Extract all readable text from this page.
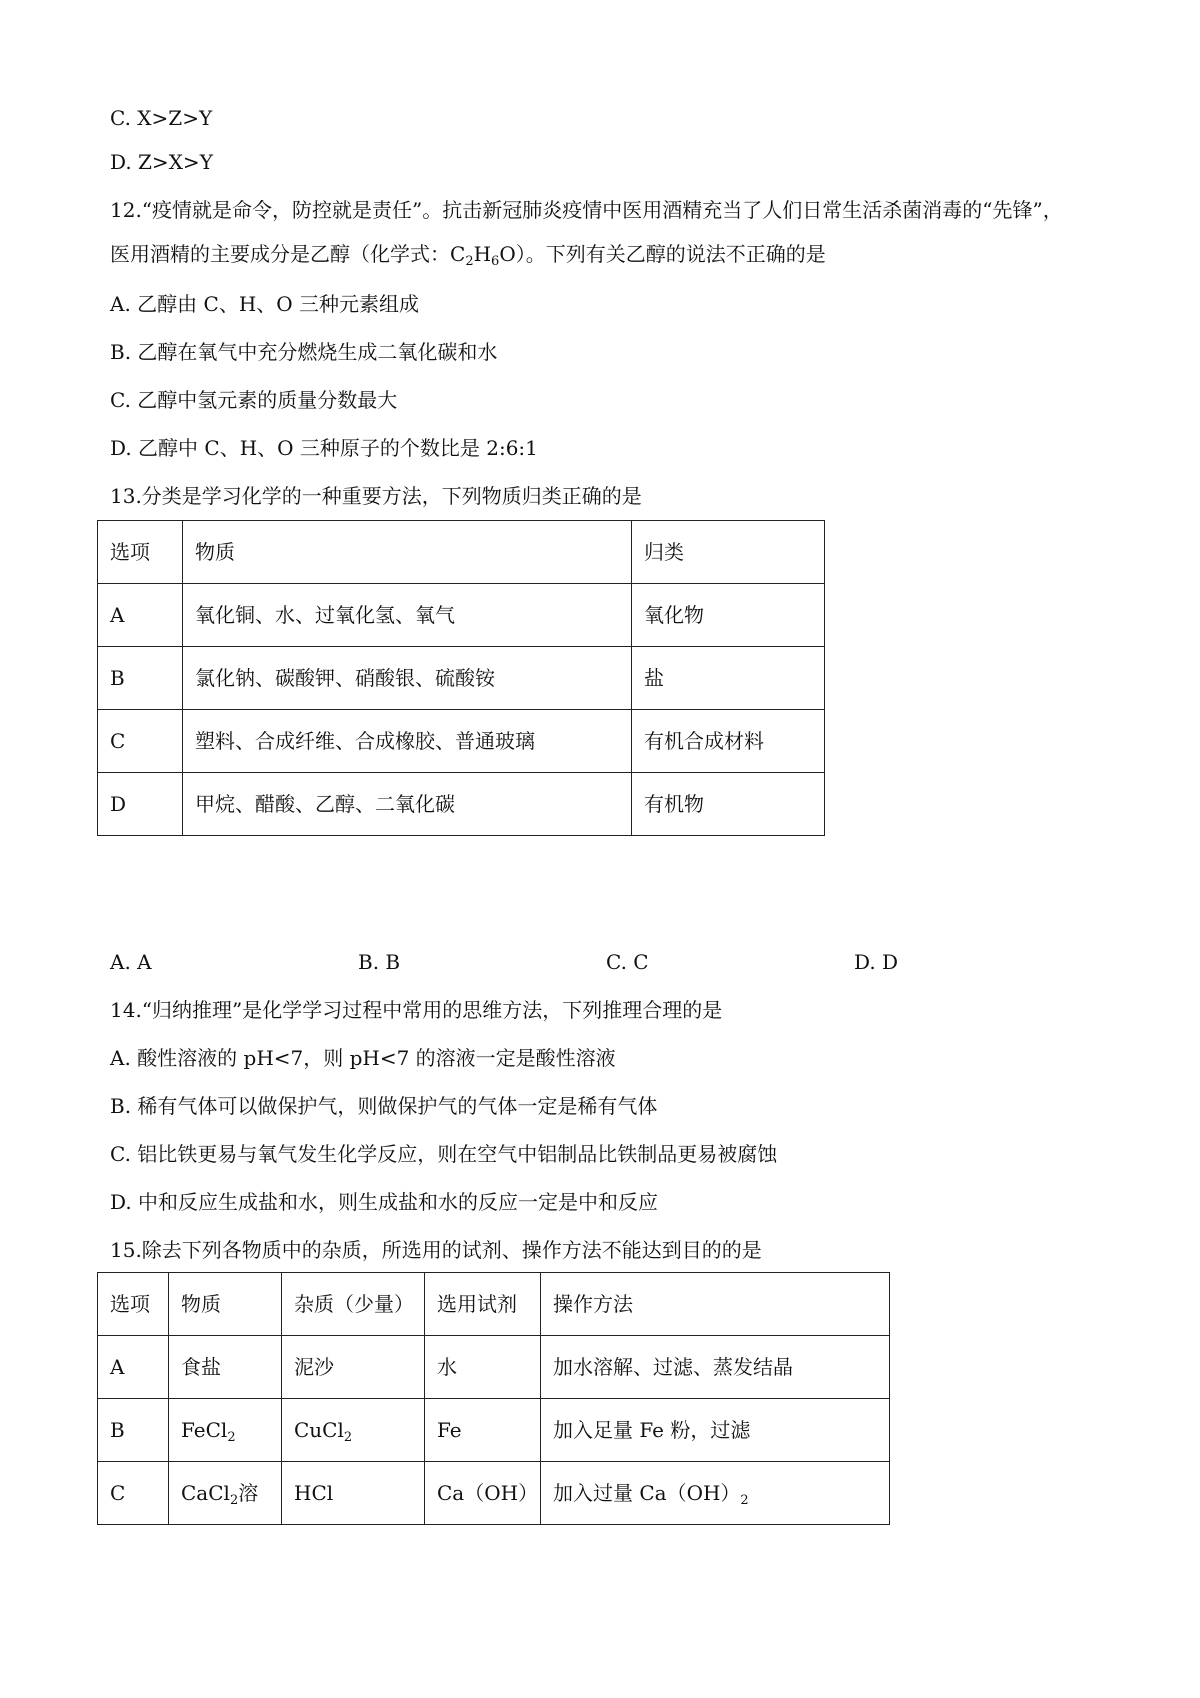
C. X>Z>Y
D. Z>X>Y
12.“疫情就是命令，防控就是责任”。抗击新冠肺炎疫情中医用酒精充当了人们日常生活杀菌消毒的“先锋”，
医用酒精的主要成分是乙醇（化学式：$C_2H_6O$）。下列有关乙醇的说法不正确的是
A. 乙醇由 C、H、O 三种元素组成
B. 乙醇在氧气中充分燃烧生成二氧化碳和水
C. 乙醇中氢元素的质量分数最大
D. 乙醇中 C、H、O 三种原子的个数比是 2:6:1
13.分类是学习化学的一种重要方法，下列物质归类正确的是
选项	物质	归类
A	氧化铜、水、过氧化氢、氧气	氧化物
B	氯化钠、碳酸钾、硝酸银、硫酸铵	盐
C	塑料、合成纤维、合成橡胶、普通玻璃	有机合成材料
D	甲烷、醋酸、乙醇、二氧化碳	有机物
A. A	B. B	C. C	D. D
14.“归纳推理”是化学学习过程中常用的思维方法，下列推理合理的是
A. 酸性溶液的 pH<7，则 pH<7 的溶液一定是酸性溶液
B. 稀有气体可以做保护气，则做保护气的气体一定是稀有气体
C. 铝比铁更易与氧气发生化学反应，则在空气中铝制品比铁制品更易被腐蚀
D. 中和反应生成盐和水，则生成盐和水的反应一定是中和反应
15.除去下列各物质中的杂质，所选用的试剂、操作方法不能达到目的的是
选项	物质	杂质（少量）	选用试剂	操作方法
A	食盐	泥沙	水	加水溶解、过滤、蒸发结晶
B	FeCl$_2$	CuCl$_2$	Fe	加入足量 Fe 粉，过滤
C	CaCl$_2$溶	HCl	Ca（OH）	加入过量 $Ca(OH)_2$
